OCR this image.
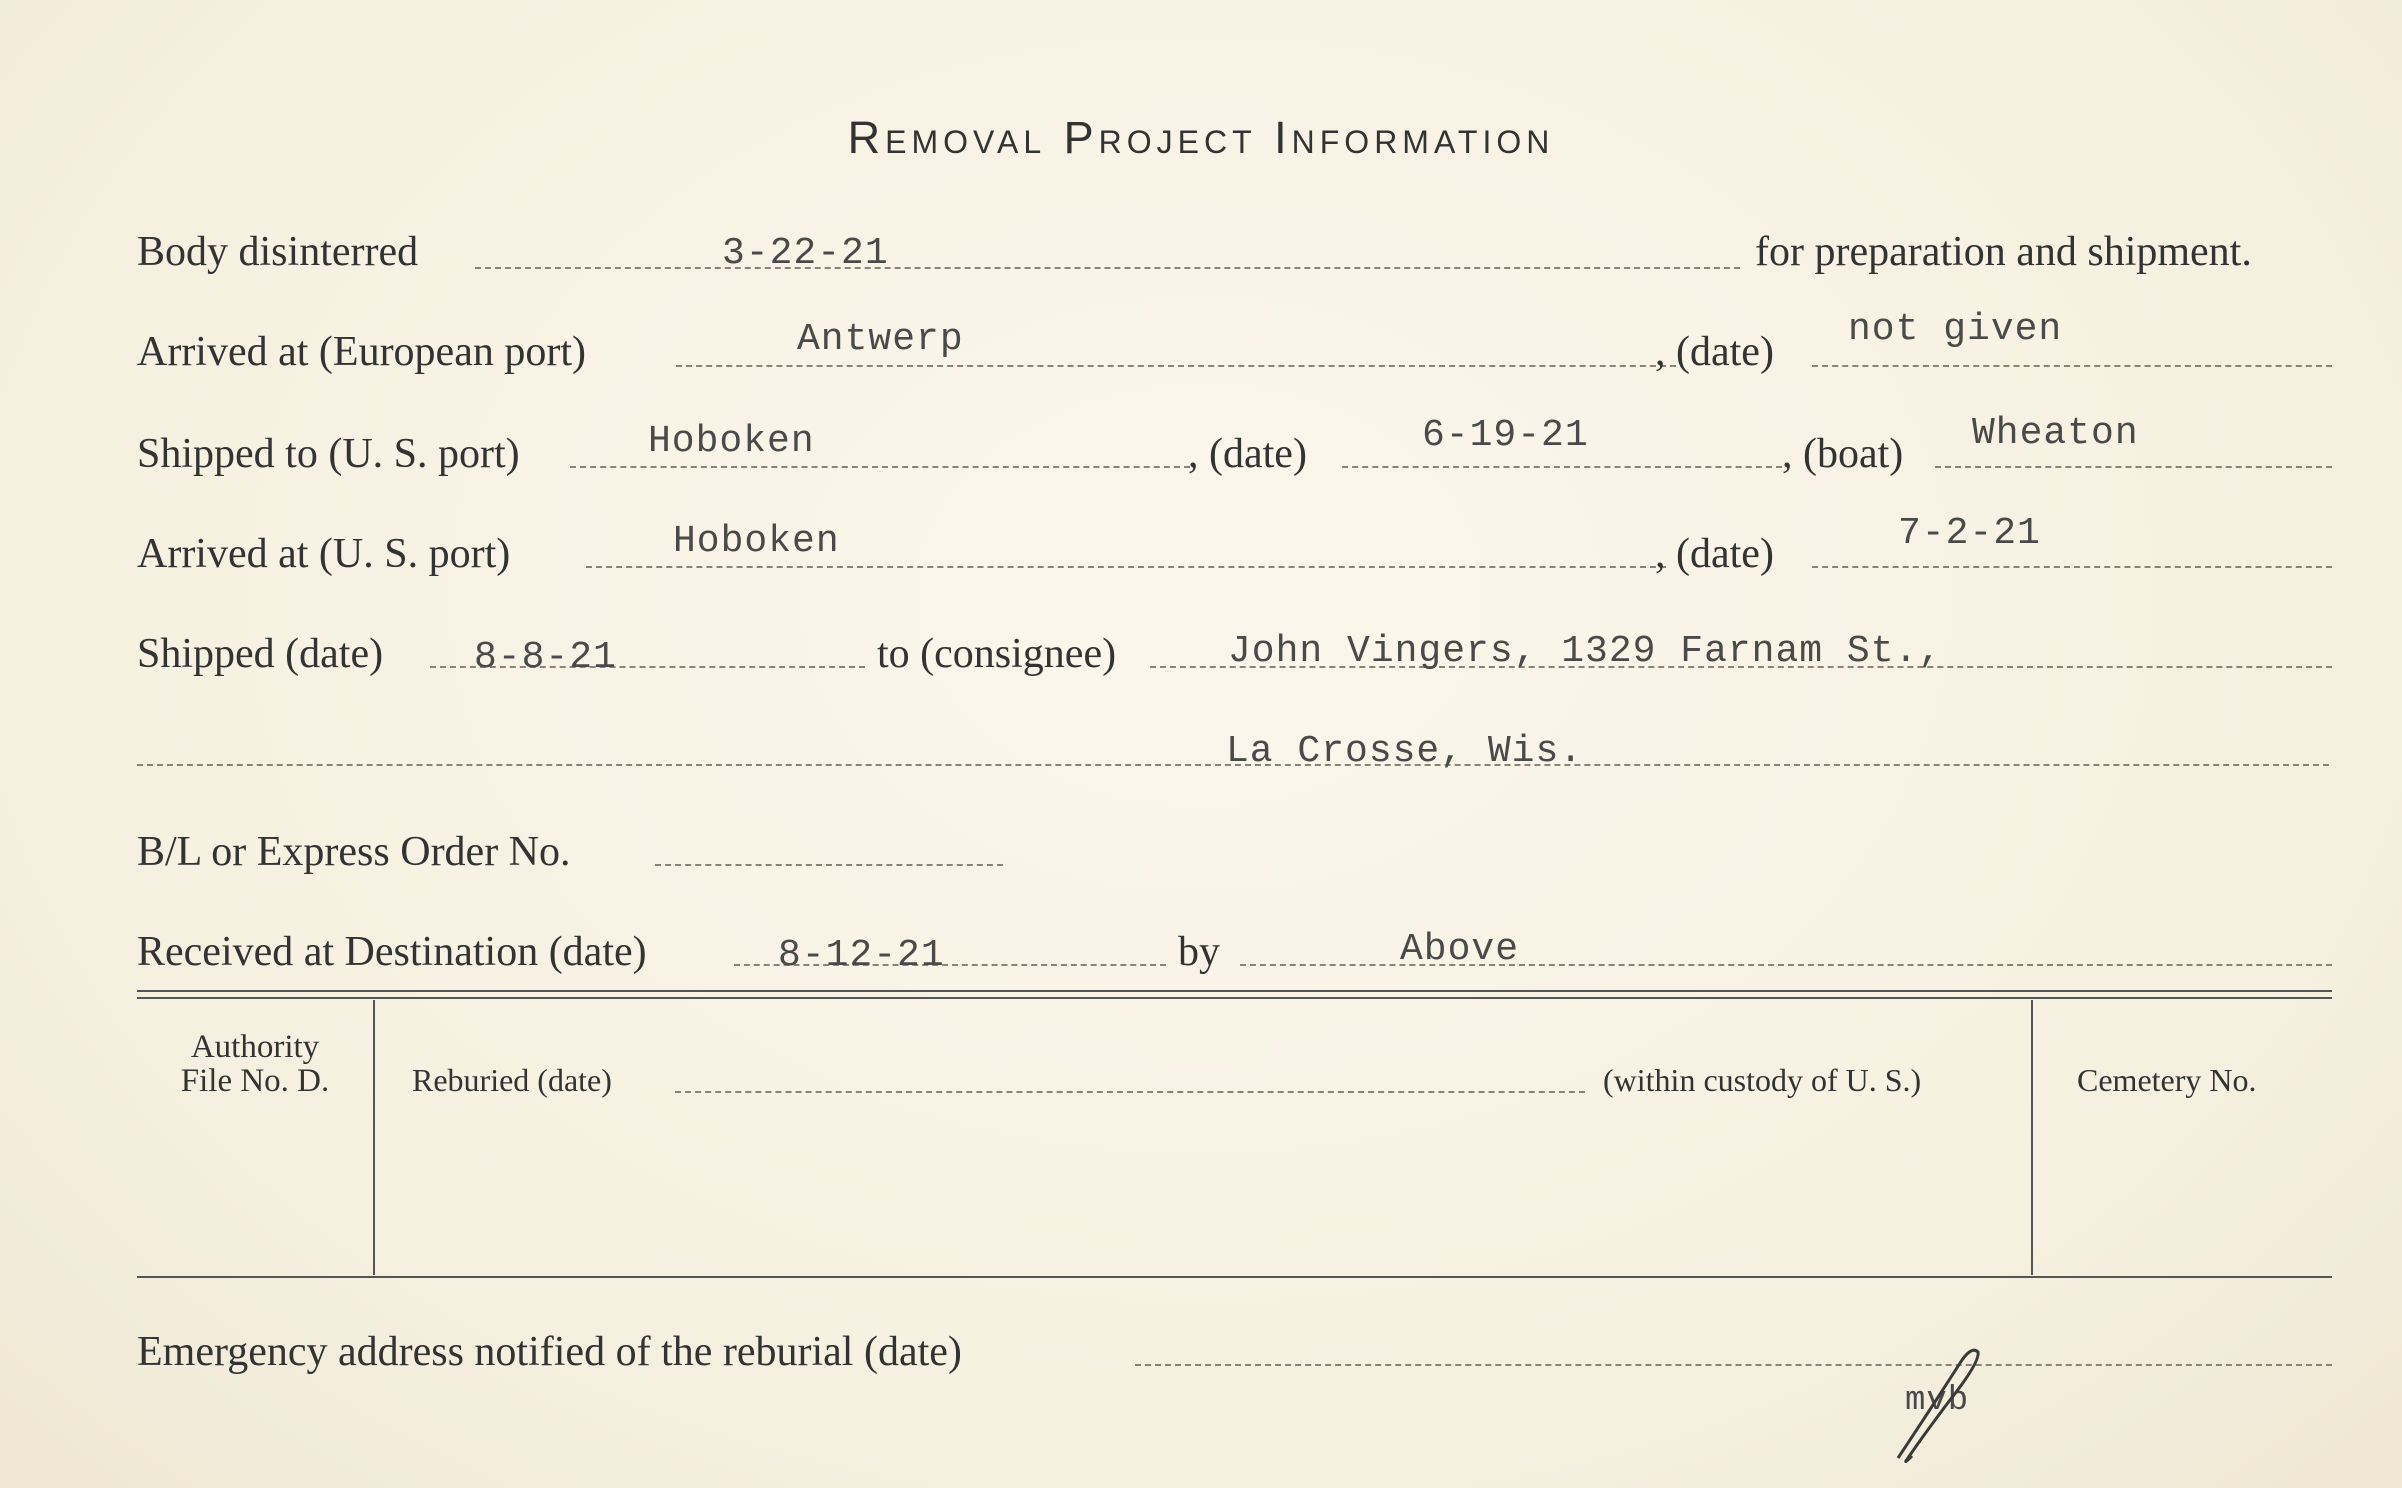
Removal Project Information
Body disinterred	3-22-21	for preparation and shipment.
Arrived at (European port)	Antwerp	, (date) not given
Shipped to (U. S. port)	Hoboken	, (date)	6-19-21	, (boat) Wheaton
Arrived at (U. S. port)	Hoboken	, (date)	7-2-21
Shipped (date) 8-8-21	to (consignee)	John Vingers, 1329 Farnam St.,
La Crosse, Wis.
B/L or Express Order No.
Received at Destination (date)	8-12-21	by	Above
Authority
File No. D.	Reburied (date)	(within custody of U. S.)	Cemetery No.
Emergency address notified of the reburial (date)
mvb
